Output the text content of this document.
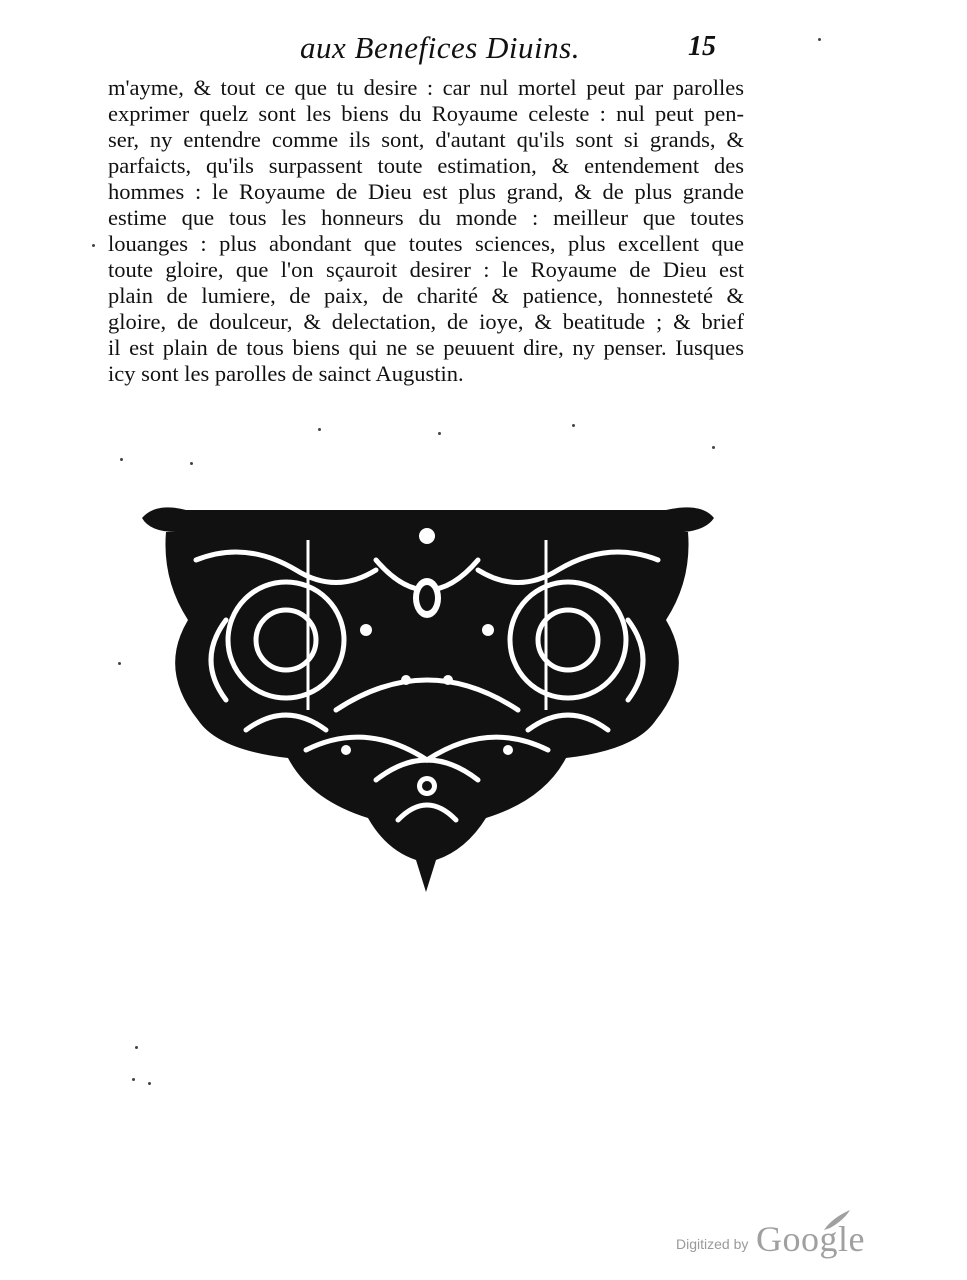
aux Benefices Diuins.	15
m'ayme, & tout ce que tu desire : car nul mortel peut par parolles
exprimer quelz sont les biens du Royaume celeste : nul peut pen-
ser, ny entendre comme ils sont, d'autant qu'ils sont si grands, &
parfaicts, qu'ils surpassent toute estimation, & entendement des
hommes : le Royaume de Dieu est plus grand, & de plus grande
estime que tous les honneurs du monde : meilleur que toutes
louanges : plus abondant que toutes sciences, plus excellent que
toute gloire, que l'on sçauroit desirer : le Royaume de Dieu est
plain de lumiere, de paix, de charité & patience, honnesteté &
gloire, de doulceur, & delectation, de ioye, & beatitude ; & brief
il est plain de tous biens qui ne se peuuent dire, ny penser. Iusques
icy sont les parolles de sainct Augustin.
Digitized by Google
